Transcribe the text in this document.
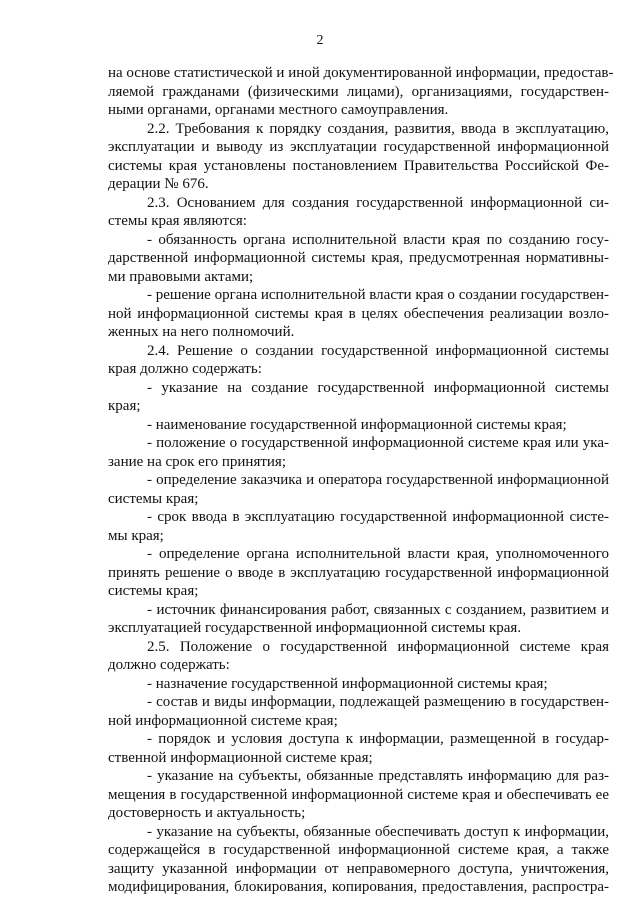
2
на основе статистической и иной документированной информации, предостав-
ляемой гражданами (физическими лицами), организациями, государствен-
ными органами, органами местного самоуправления.
2.2. Требования к порядку создания, развития, ввода в эксплуатацию,
эксплуатации и выводу из эксплуатации государственной информационной
системы края установлены постановлением Правительства Российской Фе-
дерации № 676.
2.3. Основанием для создания государственной информационной си-
стемы края являются:
- обязанность органа исполнительной власти края по созданию госу-
дарственной информационной системы края, предусмотренная нормативны-
ми правовыми актами;
- решение органа исполнительной власти края о создании государствен-
ной информационной системы края в целях обеспечения реализации возло-
женных на него полномочий.
2.4. Решение о создании государственной информационной системы
края должно содержать:
- указание на создание государственной информационной системы
края;
- наименование государственной информационной системы края;
- положение о государственной информационной системе края или ука-
зание на срок его принятия;
- определение заказчика и оператора государственной информационной
системы края;
- срок ввода в эксплуатацию государственной информационной систе-
мы края;
- определение органа исполнительной власти края, уполномоченного
принять решение о вводе в эксплуатацию государственной информационной
системы края;
- источник финансирования работ, связанных с созданием, развитием и
эксплуатацией государственной информационной системы края.
2.5. Положение о государственной информационной системе края
должно содержать:
- назначение государственной информационной системы края;
- состав и виды информации, подлежащей размещению в государствен-
ной информационной системе края;
- порядок и условия доступа к информации, размещенной в государ-
ственной информационной системе края;
- указание на субъекты, обязанные представлять информацию для раз-
мещения в государственной информационной системе края и обеспечивать ее
достоверность и актуальность;
- указание на субъекты, обязанные обеспечивать доступ к информации,
содержащейся в государственной информационной системе края, а также
защиту указанной информации от неправомерного доступа, уничтожения,
модифицирования, блокирования, копирования, предоставления, распростра-
